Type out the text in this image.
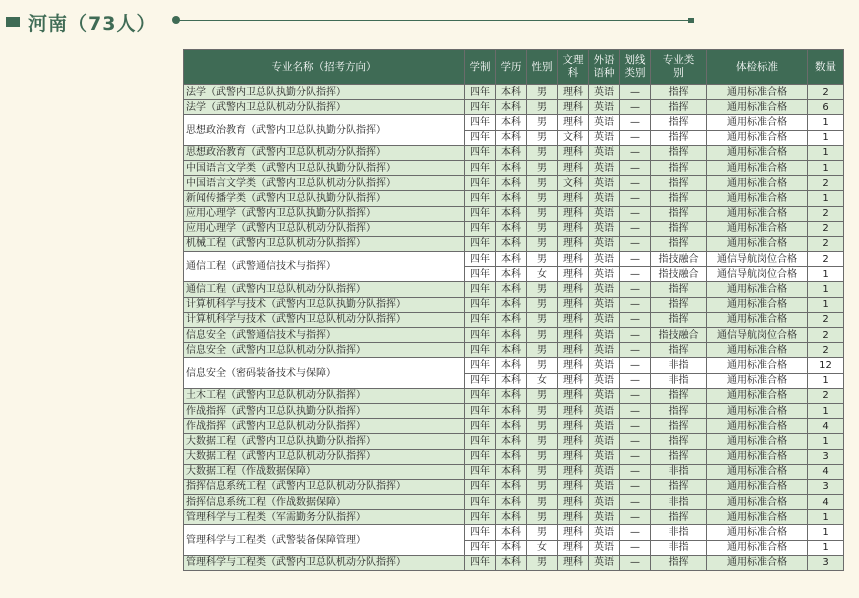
河南（73人）
专业名称（招考方向）	学制	学历	性别	文理科	外语语种	划线类别	专业类别	体检标准	数量
法学（武警内卫总队执勤分队指挥）	四年	本科	男	理科	英语	—	指挥	通用标准合格	2
法学（武警内卫总队机动分队指挥）	四年	本科	男	理科	英语	—	指挥	通用标准合格	6
思想政治教育（武警内卫总队执勤分队指挥）	四年	本科	男	理科	英语	—	指挥	通用标准合格	1
	四年	本科	男	文科	英语	—	指挥	通用标准合格	1
思想政治教育（武警内卫总队机动分队指挥）	四年	本科	男	理科	英语	—	指挥	通用标准合格	1
中国语言文学类（武警内卫总队执勤分队指挥）	四年	本科	男	理科	英语	—	指挥	通用标准合格	1
中国语言文学类（武警内卫总队机动分队指挥）	四年	本科	男	文科	英语	—	指挥	通用标准合格	2
新闻传播学类（武警内卫总队执勤分队指挥）	四年	本科	男	理科	英语	—	指挥	通用标准合格	1
应用心理学（武警内卫总队执勤分队指挥）	四年	本科	男	理科	英语	—	指挥	通用标准合格	2
应用心理学（武警内卫总队机动分队指挥）	四年	本科	男	理科	英语	—	指挥	通用标准合格	2
机械工程（武警内卫总队机动分队指挥）	四年	本科	男	理科	英语	—	指挥	通用标准合格	2
通信工程（武警通信技术与指挥）	四年	本科	男	理科	英语	—	指技融合	通信导航岗位合格	2
	四年	本科	女	理科	英语	—	指技融合	通信导航岗位合格	1
通信工程（武警内卫总队机动分队指挥）	四年	本科	男	理科	英语	—	指挥	通用标准合格	1
计算机科学与技术（武警内卫总队执勤分队指挥）	四年	本科	男	理科	英语	—	指挥	通用标准合格	1
计算机科学与技术（武警内卫总队机动分队指挥）	四年	本科	男	理科	英语	—	指挥	通用标准合格	2
信息安全（武警通信技术与指挥）	四年	本科	男	理科	英语	—	指技融合	通信导航岗位合格	2
信息安全（武警内卫总队机动分队指挥）	四年	本科	男	理科	英语	—	指挥	通用标准合格	2
信息安全（密码装备技术与保障）	四年	本科	男	理科	英语	—	非指	通用标准合格	12
	四年	本科	女	理科	英语	—	非指	通用标准合格	1
土木工程（武警内卫总队机动分队指挥）	四年	本科	男	理科	英语	—	指挥	通用标准合格	2
作战指挥（武警内卫总队执勤分队指挥）	四年	本科	男	理科	英语	—	指挥	通用标准合格	1
作战指挥（武警内卫总队机动分队指挥）	四年	本科	男	理科	英语	—	指挥	通用标准合格	4
大数据工程（武警内卫总队执勤分队指挥）	四年	本科	男	理科	英语	—	指挥	通用标准合格	1
大数据工程（武警内卫总队机动分队指挥）	四年	本科	男	理科	英语	—	指挥	通用标准合格	3
大数据工程（作战数据保障）	四年	本科	男	理科	英语	—	非指	通用标准合格	4
指挥信息系统工程（武警内卫总队机动分队指挥）	四年	本科	男	理科	英语	—	指挥	通用标准合格	3
指挥信息系统工程（作战数据保障）	四年	本科	男	理科	英语	—	非指	通用标准合格	4
管理科学与工程类（军需勤务分队指挥）	四年	本科	男	理科	英语	—	指挥	通用标准合格	1
管理科学与工程类（武警装备保障管理）	四年	本科	男	理科	英语	—	非指	通用标准合格	1
	四年	本科	女	理科	英语	—	非指	通用标准合格	1
管理科学与工程类（武警内卫总队机动分队指挥）	四年	本科	男	理科	英语	—	指挥	通用标准合格	3
